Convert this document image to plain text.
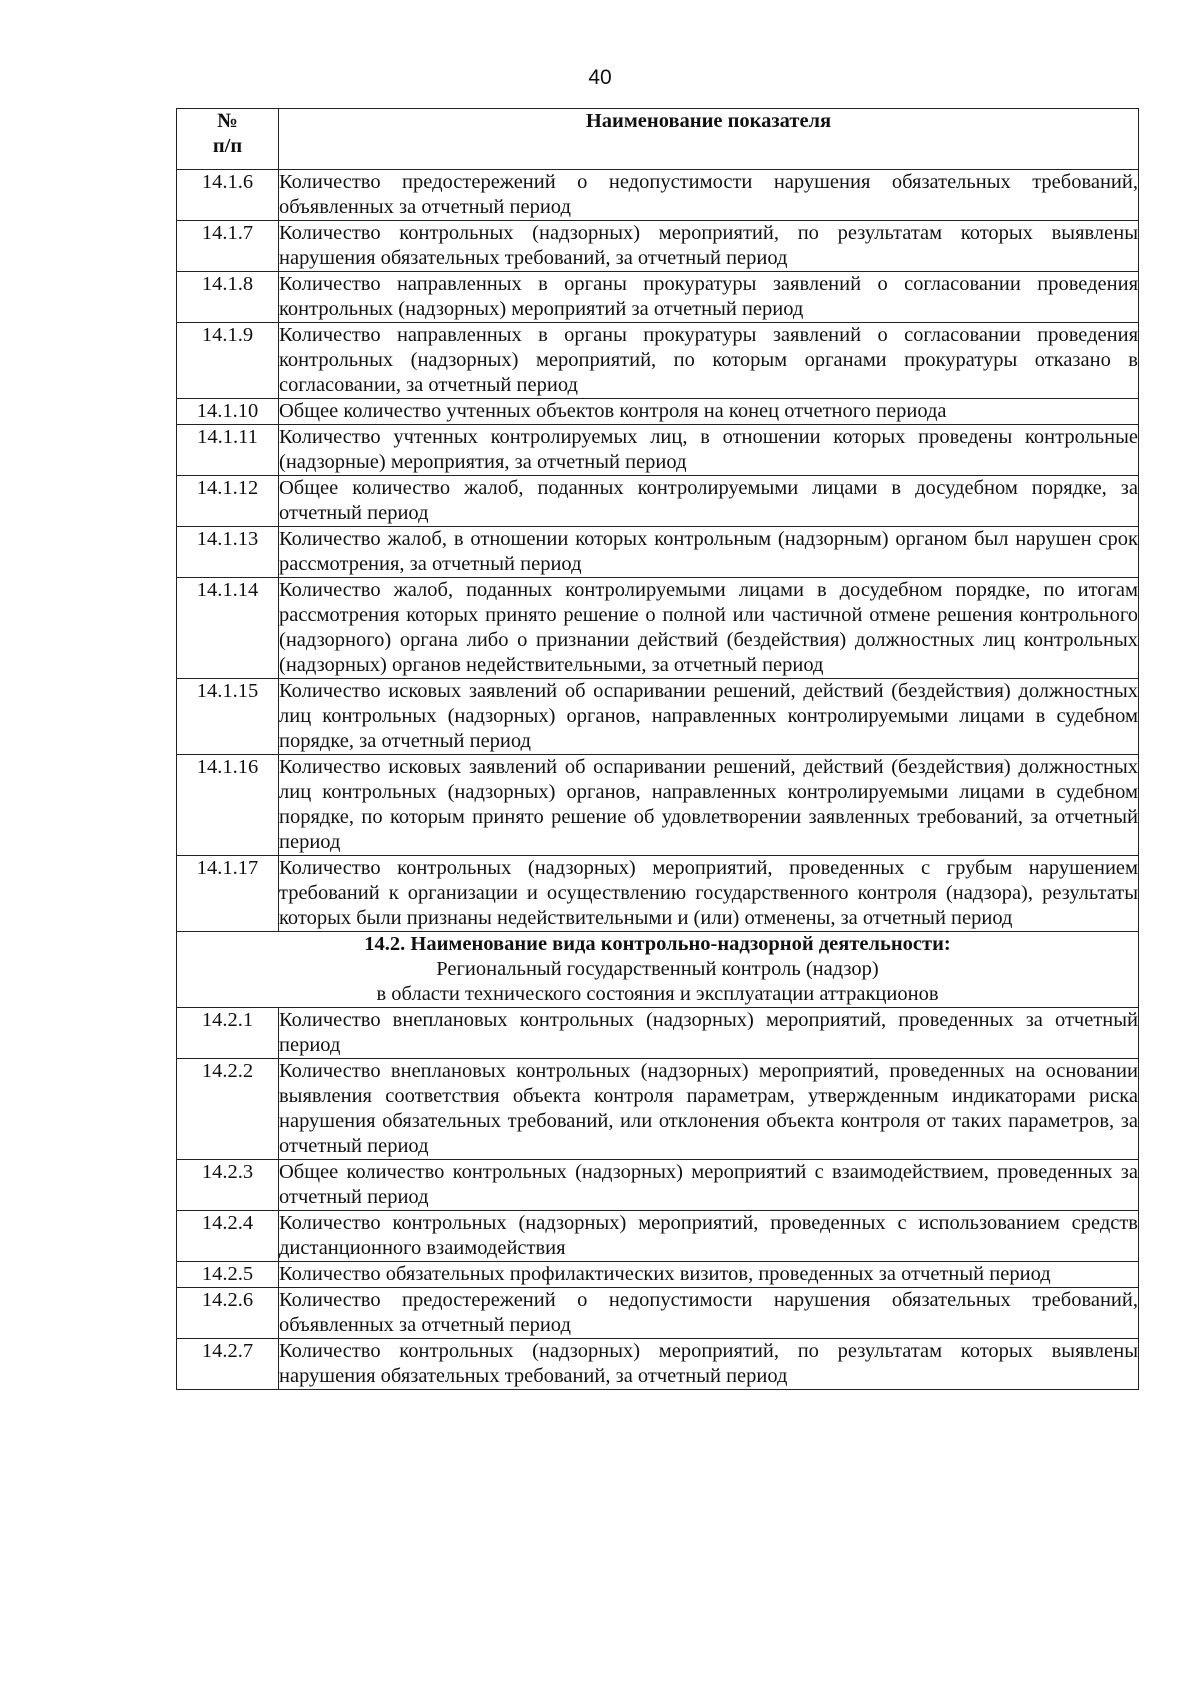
40
№
п/п	Наименование показателя
14.1.6	Количество предостережений о недопустимости нарушения обязательных требований, объявленных за отчетный период
14.1.7	Количество контрольных (надзорных) мероприятий, по результатам которых выявлены нарушения обязательных требований, за отчетный период
14.1.8	Количество направленных в органы прокуратуры заявлений о согласовании проведения контрольных (надзорных) мероприятий за отчетный период
14.1.9	Количество направленных в органы прокуратуры заявлений о согласовании проведения контрольных (надзорных) мероприятий, по которым органами прокуратуры отказано в согласовании, за отчетный период
14.1.10	Общее количество учтенных объектов контроля на конец отчетного периода
14.1.11	Количество учтенных контролируемых лиц, в отношении которых проведены контрольные (надзорные) мероприятия, за отчетный период
14.1.12	Общее количество жалоб, поданных контролируемыми лицами в досудебном порядке, за отчетный период
14.1.13	Количество жалоб, в отношении которых контрольным (надзорным) органом был нарушен срок рассмотрения, за отчетный период
14.1.14	Количество жалоб, поданных контролируемыми лицами в досудебном порядке, по итогам рассмотрения которых принято решение о полной или частичной отмене решения контрольного (надзорного) органа либо о признании действий (бездействия) должностных лиц контрольных (надзорных) органов недействительными, за отчетный период
14.1.15	Количество исковых заявлений об оспаривании решений, действий (бездействия) должностных лиц контрольных (надзорных) органов, направленных контролируемыми лицами в судебном порядке, за отчетный период
14.1.16	Количество исковых заявлений об оспаривании решений, действий (бездействия) должностных лиц контрольных (надзорных) органов, направленных контролируемыми лицами в судебном порядке, по которым принято решение об удовлетворении заявленных требований, за отчетный период
14.1.17	Количество контрольных (надзорных) мероприятий, проведенных с грубым нарушением требований к организации и осуществлению государственного контроля (надзора), результаты которых были признаны недействительными и (или) отменены, за отчетный период

14.2. Наименование вида контрольно-надзорной деятельности:
Региональный государственный контроль (надзор)
в области технического состояния и эксплуатации аттракционов	

14.2.1	Количество внеплановых контрольных (надзорных) мероприятий, проведенных за отчетный период
14.2.2	Количество внеплановых контрольных (надзорных) мероприятий, проведенных на основании выявления соответствия объекта контроля параметрам, утвержденным индикаторами риска нарушения обязательных требований, или отклонения объекта контроля от таких параметров, за отчетный период
14.2.3	Общее количество контрольных (надзорных) мероприятий с взаимодействием, проведенных за отчетный период
14.2.4	Количество контрольных (надзорных) мероприятий, проведенных с использованием средств дистанционного взаимодействия
14.2.5	Количество обязательных профилактических визитов, проведенных за отчетный период
14.2.6	Количество предостережений о недопустимости нарушения обязательных требований, объявленных за отчетный период
14.2.7	Количество контрольных (надзорных) мероприятий, по результатам которых выявлены нарушения обязательных требований, за отчетный период
